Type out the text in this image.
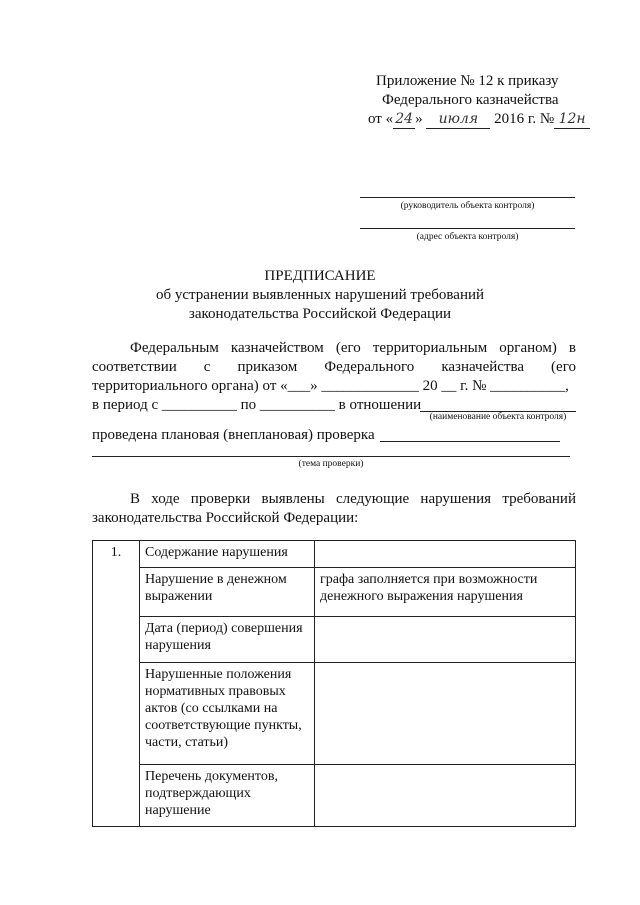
Приложение № 12 к приказу
Федерального казначейства
от « 24 » июля 2016 г. № 12н
(руководитель объекта контроля)
(адрес объекта контроля)
ПРЕДПИСАНИЕ
об устранении выявленных нарушений требований
законодательства Российской Федерации
Федеральным казначейством (его территориальным органом) в
соответствии с приказом Федерального казначейства (его
территориального органа) от «___» _____________ 20 __ г. № __________,
в период с __________ по __________ в отношении
(наименование объекта контроля)
проведена плановая (внеплановая) проверка
(тема проверки)
В ходе проверки выявлены следующие нарушения требований
законодательства Российской Федерации:
1.	Содержание нарушения	
	Нарушение в денежном выражении	графа заполняется при возможности денежного выражения нарушения
	Дата (период) совершения нарушения	
	Нарушенные положения нормативных правовых актов (со ссылками на соответствующие пункты, части, статьи)	
	Перечень документов, подтверждающих нарушение	
